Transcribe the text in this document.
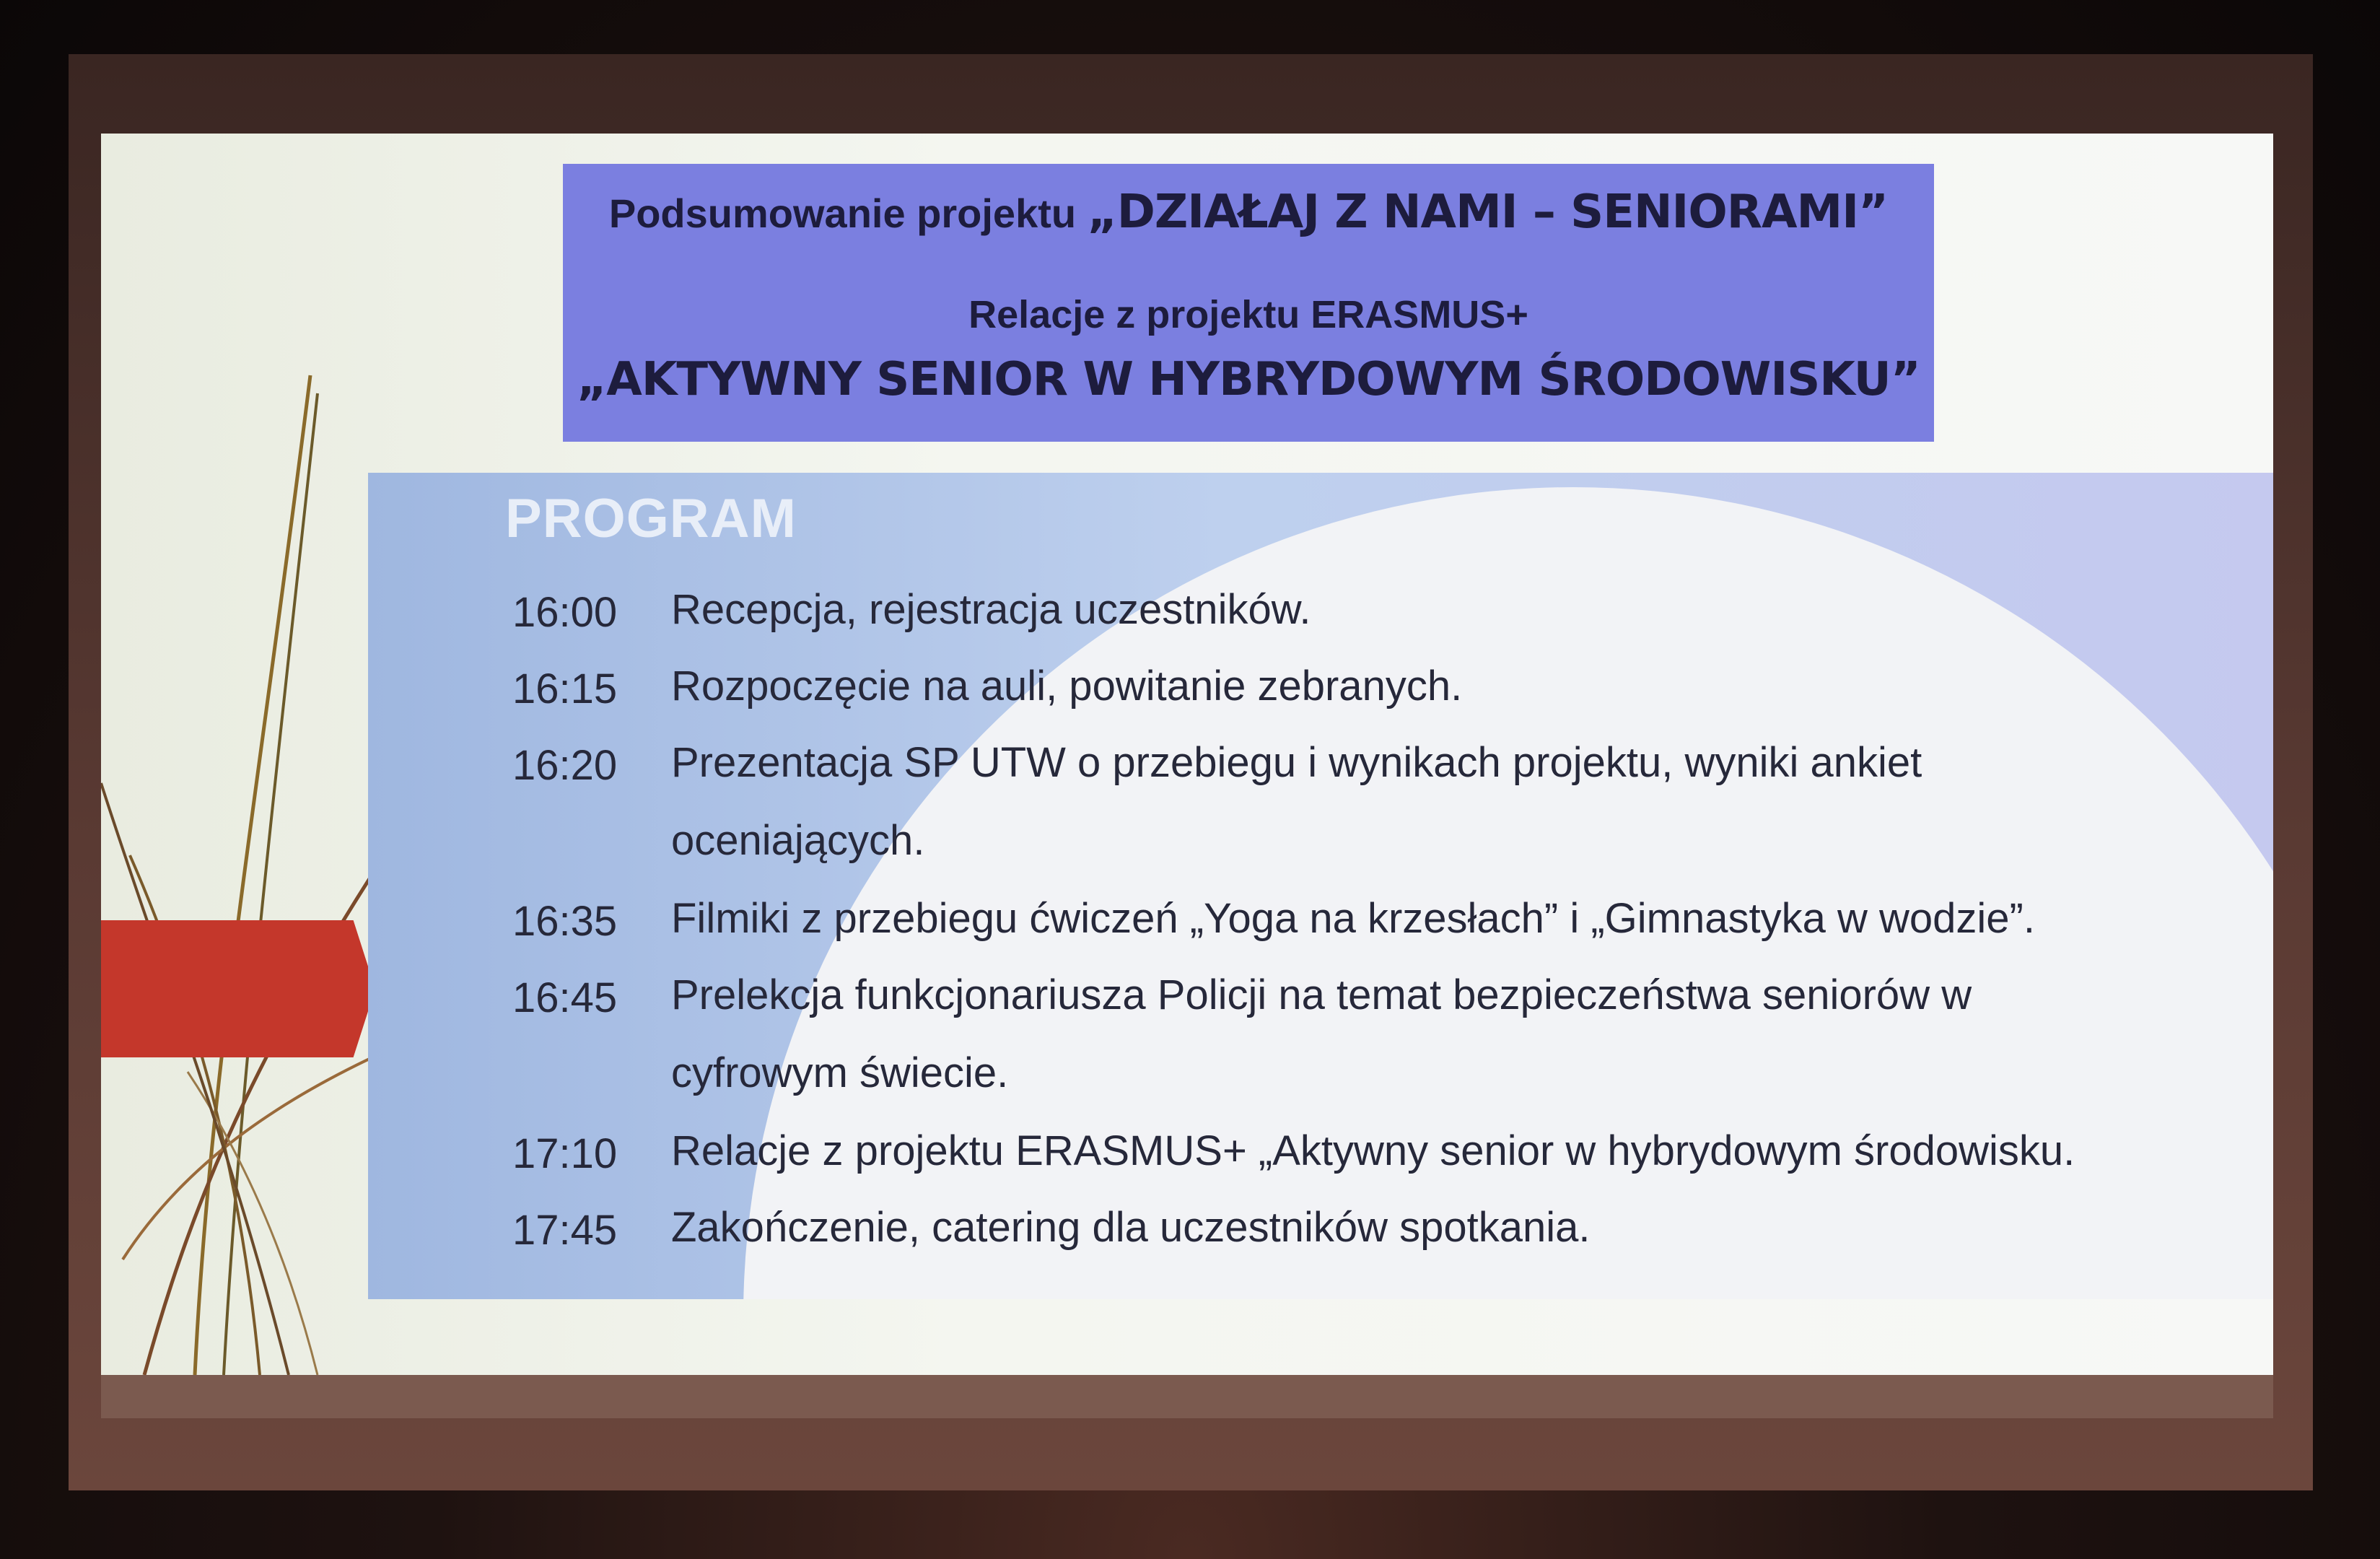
Podsumowanie projektu „DZIAŁAJ Z NAMI – SENIORAMI”
Relacje z projektu ERASMUS+
„AKTYWNY SENIOR W HYBRYDOWYM ŚRODOWISKU”
PROGRAM
16:00 Recepcja, rejestracja uczestników.
16:15 Rozpoczęcie na auli, powitanie zebranych.
16:20 Prezentacja SP UTW o przebiegu i wynikach projektu, wyniki ankiet oceniających.
16:35 Filmiki z przebiegu ćwiczeń „Yoga na krzesłach” i „Gimnastyka w wodzie”.
16:45 Prelekcja funkcjonariusza Policji na temat bezpieczeństwa seniorów w cyfrowym świecie.
17:10 Relacje z projektu ERASMUS+ „Aktywny senior w hybrydowym środowisku.
17:45 Zakończenie, catering dla uczestników spotkania.
